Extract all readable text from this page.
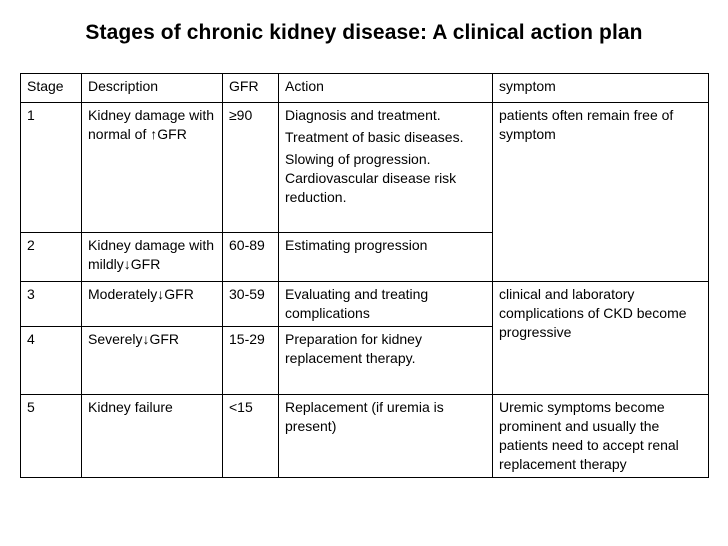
Stages of chronic kidney disease: A clinical action plan
Stage	Description	GFR	Action	symptom
1	Kidney damage with normal of ↑GFR	≥90	Diagnosis and treatment.
Treatment of basic diseases.
Slowing of progression. Cardiovascular disease risk reduction.	patients often remain free of symptom
2	Kidney damage with mildly↓GFR	60-89	Estimating progression	

3	Moderately↓GFR	30-59	Evaluating and treating complications	clinical and laboratory complications of CKD become progressive
4	Severely↓GFR	15-29	Preparation for kidney replacement therapy.	

5	Kidney failure	<15	Replacement (if uremia is present)	Uremic symptoms become prominent and usually the patients need to accept renal replacement therapy
